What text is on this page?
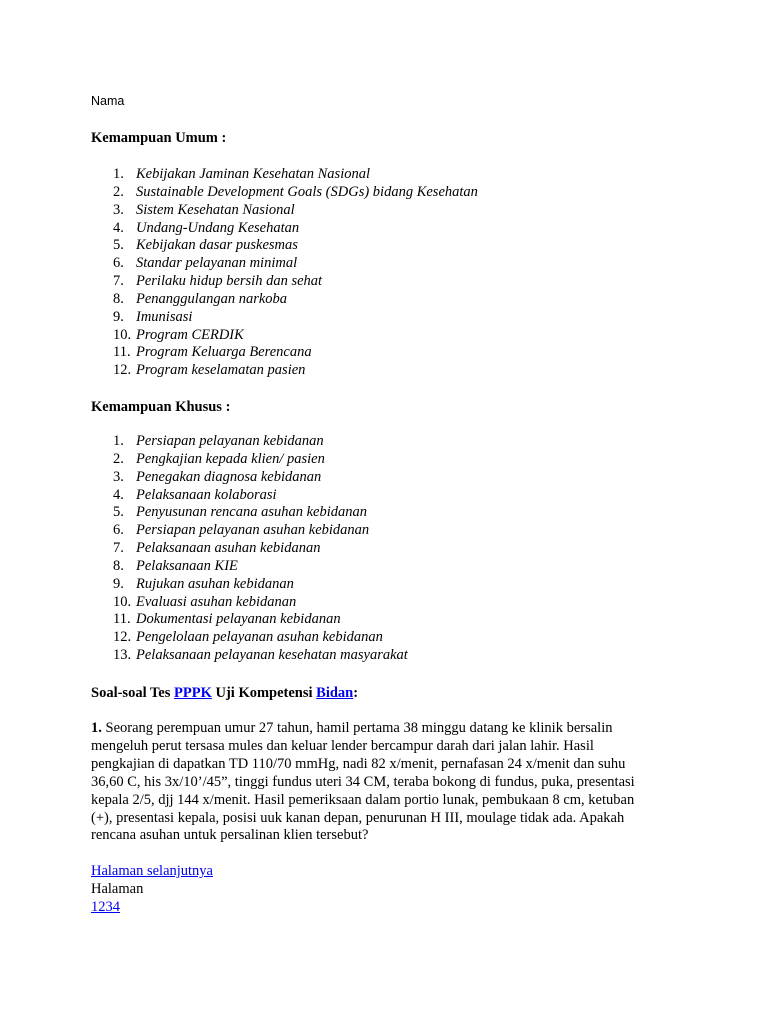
Nama
Kemampuan Umum :
1. Kebijakan Jaminan Kesehatan Nasional
2. Sustainable Development Goals (SDGs) bidang Kesehatan
3. Sistem Kesehatan Nasional
4. Undang-Undang Kesehatan
5. Kebijakan dasar puskesmas
6. Standar pelayanan minimal
7. Perilaku hidup bersih dan sehat
8. Penanggulangan narkoba
9. Imunisasi
10. Program CERDIK
11. Program Keluarga Berencana
12. Program keselamatan pasien
Kemampuan Khusus :
1. Persiapan pelayanan kebidanan
2. Pengkajian kepada klien/ pasien
3. Penegakan diagnosa kebidanan
4. Pelaksanaan kolaborasi
5. Penyusunan rencana asuhan kebidanan
6. Persiapan pelayanan asuhan kebidanan
7. Pelaksanaan asuhan kebidanan
8. Pelaksanaan KIE
9. Rujukan asuhan kebidanan
10. Evaluasi asuhan kebidanan
11. Dokumentasi pelayanan kebidanan
12. Pengelolaan pelayanan asuhan kebidanan
13. Pelaksanaan pelayanan kesehatan masyarakat
Soal-soal Tes PPPK Uji Kompetensi Bidan:

1. Seorang perempuan umur 27 tahun, hamil pertama 38 minggu datang ke klinik bersalin

mengeluh perut tersasa mules dan keluar lender bercampur darah dari jalan lahir. Hasil

pengkajian di dapatkan TD 110/70 mmHg, nadi 82 x/menit, pernafasan 24 x/menit dan suhu

36,60 C, his 3x/10’/45”, tinggi fundus uteri 34 CM, teraba bokong di fundus, puka, presentasi

kepala 2/5, djj 144 x/menit. Hasil pemeriksaan dalam portio lunak, pembukaan 8 cm, ketuban

(+), presentasi kepala, posisi uuk kanan depan, penurunan H III, moulage tidak ada. Apakah

rencana asuhan untuk persalinan klien tersebut?

Halaman selanjutnya
Halaman
1234
